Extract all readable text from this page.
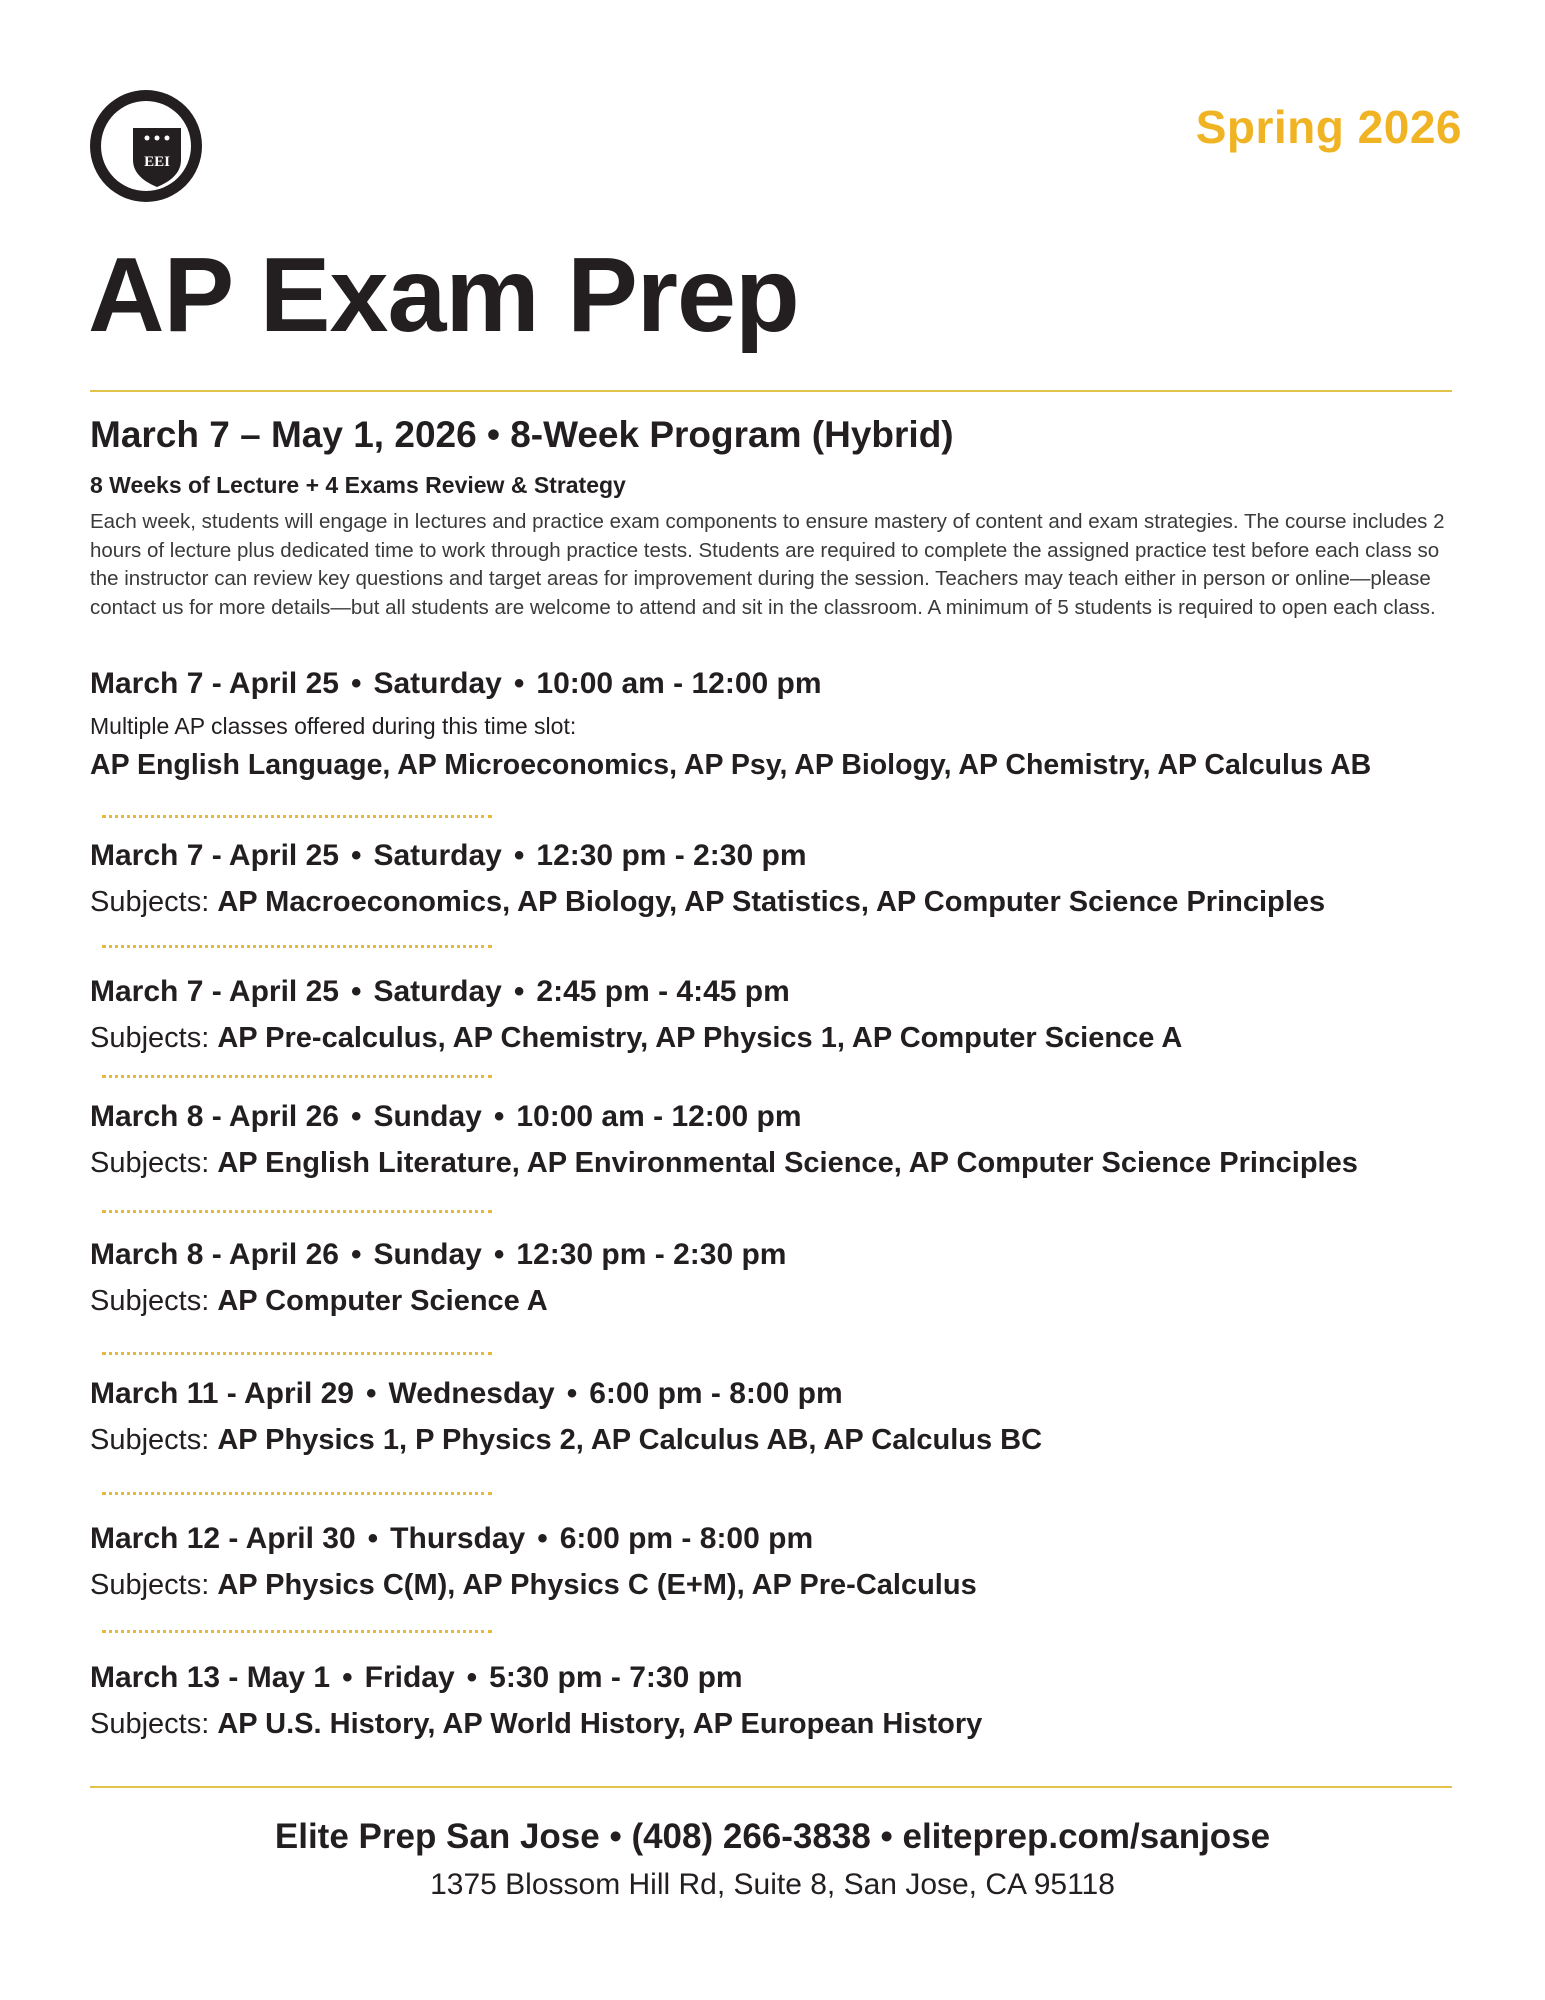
EEI
Spring 2026
AP Exam Prep
March 7 – May 1, 2026 • 8-Week Program (Hybrid)
8 Weeks of Lecture + 4 Exams Review & Strategy
Each week, students will engage in lectures and practice exam components to ensure mastery of content and exam strategies. The course includes 2 hours of lecture plus dedicated time to work through practice tests. Students are required to complete the assigned practice test before each class so the instructor can review key questions and target areas for improvement during the session. Teachers may teach either in person or online—please contact us for more details—but all students are welcome to attend and sit in the classroom. A minimum of 5 students is required to open each class.
March 7 - April 25 • Saturday • 10:00 am - 12:00 pm
Multiple AP classes offered during this time slot:
AP English Language, AP Microeconomics, AP Psy, AP Biology, AP Chemistry, AP Calculus AB
March 7 - April 25 • Saturday • 12:30 pm - 2:30 pm
Subjects: AP Macroeconomics, AP Biology, AP Statistics, AP Computer Science Principles
March 7 - April 25 • Saturday • 2:45 pm - 4:45 pm
Subjects: AP Pre-calculus, AP Chemistry, AP Physics 1, AP Computer Science A
March 8 - April 26 • Sunday • 10:00 am - 12:00 pm
Subjects: AP English Literature, AP Environmental Science, AP Computer Science Principles
March 8 - April 26 • Sunday • 12:30 pm - 2:30 pm
Subjects: AP Computer Science A
March 11 - April 29 • Wednesday • 6:00 pm - 8:00 pm
Subjects: AP Physics 1, P Physics 2, AP Calculus AB, AP Calculus BC
March 12 - April 30 • Thursday • 6:00 pm - 8:00 pm
Subjects: AP Physics C(M), AP Physics C (E+M), AP Pre-Calculus
March 13 - May 1 • Friday • 5:30 pm - 7:30 pm
Subjects: AP U.S. History, AP World History, AP European History
Elite Prep San Jose • (408) 266-3838 • eliteprep.com/sanjose
1375 Blossom Hill Rd, Suite 8, San Jose, CA 95118
